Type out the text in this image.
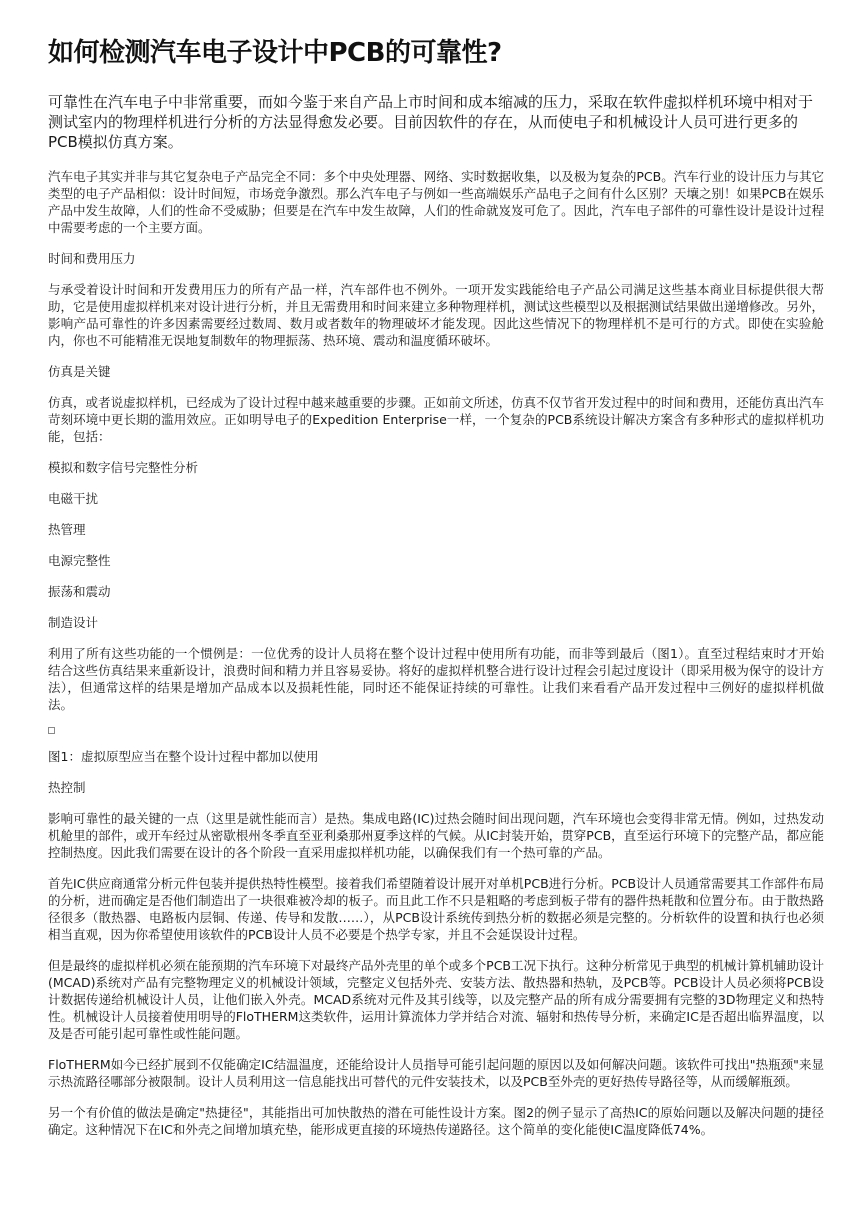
如何检测汽车电子设计中PCB的可靠性?
可靠性在汽车电子中非常重要，而如今鉴于来自产品上市时间和成本缩减的压力，采取在软件虚拟样机环境中相对于测试室内的物理样机进行分析的方法显得愈发必要。目前因软件的存在，从而使电子和机械设计人员可进行更多的PCB模拟仿真方案。

汽车电子其实并非与其它复杂电子产品完全不同：多个中央处理器、网络、实时数据收集，以及极为复杂的PCB。汽车行业的设计压力与其它类型的电子产品相似：设计时间短，市场竞争激烈。那么汽车电子与例如一些高端娱乐产品电子之间有什么区别？天壤之别！如果PCB在娱乐产品中发生故障，人们的性命不受威胁；但要是在汽车中发生故障，人们的性命就岌岌可危了。因此，汽车电子部件的可靠性设计是设计过程中需要考虑的一个主要方面。

时间和费用压力

与承受着设计时间和开发费用压力的所有产品一样，汽车部件也不例外。一项开发实践能给电子产品公司满足这些基本商业目标提供很大帮助，它是使用虚拟样机来对设计进行分析，并且无需费用和时间来建立多种物理样机，测试这些模型以及根据测试结果做出递增修改。另外，影响产品可靠性的许多因素需要经过数周、数月或者数年的物理破坏才能发现。因此这些情况下的物理样机不是可行的方式。即使在实验舱内，你也不可能精准无误地复制数年的物理振荡、热环境、震动和温度循环破坏。

仿真是关键

仿真，或者说虚拟样机，已经成为了设计过程中越来越重要的步骤。正如前文所述，仿真不仅节省开发过程中的时间和费用，还能仿真出汽车苛刻环境中更长期的滥用效应。正如明导电子的Expedition Enterprise一样，一个复杂的PCB系统设计解决方案含有多种形式的虚拟样机功能，包括：

模拟和数字信号完整性分析

电磁干扰

热管理

电源完整性

振荡和震动

制造设计

利用了所有这些功能的一个惯例是：一位优秀的设计人员将在整个设计过程中使用所有功能，而非等到最后（图1）。直至过程结束时才开始结合这些仿真结果来重新设计，浪费时间和精力并且容易妥协。将好的虚拟样机整合进行设计过程会引起过度设计（即采用极为保守的设计方法），但通常这样的结果是增加产品成本以及损耗性能，同时还不能保证持续的可靠性。让我们来看看产品开发过程中三例好的虚拟样机做法。

图1：虚拟原型应当在整个设计过程中都加以使用

热控制

影响可靠性的最关键的一点（这里是就性能而言）是热。集成电路(IC)过热会随时间出现问题，汽车环境也会变得非常无情。例如，过热发动机舱里的部件，或开车经过从密歇根州冬季直至亚利桑那州夏季这样的气候。从IC封装开始，贯穿PCB，直至运行环境下的完整产品，都应能控制热度。因此我们需要在设计的各个阶段一直采用虚拟样机功能，以确保我们有一个热可靠的产品。

首先IC供应商通常分析元件包装并提供热特性模型。接着我们希望随着设计展开对单机PCB进行分析。PCB设计人员通常需要其工作部件布局的分析，进而确定是否他们制造出了一块很难被冷却的板子。而且此工作不只是粗略的考虑到板子带有的器件热耗散和位置分布。由于散热路径很多（散热器、电路板内层铜、传递、传导和发散……），从PCB设计系统传到热分析的数据必须是完整的。分析软件的设置和执行也必须相当直观，因为你希望使用该软件的PCB设计人员不必要是个热学专家，并且不会延误设计过程。

但是最终的虚拟样机必须在能预期的汽车环境下对最终产品外壳里的单个或多个PCB工况下执行。这种分析常见于典型的机械计算机辅助设计(MCAD)系统对产品有完整物理定义的机械设计领域，完整定义包括外壳、安装方法、散热器和热轨，及PCB等。PCB设计人员必须将PCB设计数据传递给机械设计人员，让他们嵌入外壳。MCAD系统对元件及其引线等，以及完整产品的所有成分需要拥有完整的3D物理定义和热特性。机械设计人员接着使用明导的FloTHERM这类软件，运用计算流体力学并结合对流、辐射和热传导分析，来确定IC是否超出临界温度，以及是否可能引起可靠性或性能问题。

FloTHERM如今已经扩展到不仅能确定IC结温温度，还能给设计人员指导可能引起问题的原因以及如何解决问题。该软件可找出"热瓶颈"来显示热流路径哪部分被限制。设计人员利用这一信息能找出可替代的元件安装技术，以及PCB至外壳的更好热传导路径等，从而缓解瓶颈。

另一个有价值的做法是确定"热捷径"，其能指出可加快散热的潜在可能性设计方案。图2的例子显示了高热IC的原始问题以及解决问题的捷径确定。这种情况下在IC和外壳之间增加填充垫，能形成更直接的环境热传递路径。这个简单的变化能使IC温度降低74%。
